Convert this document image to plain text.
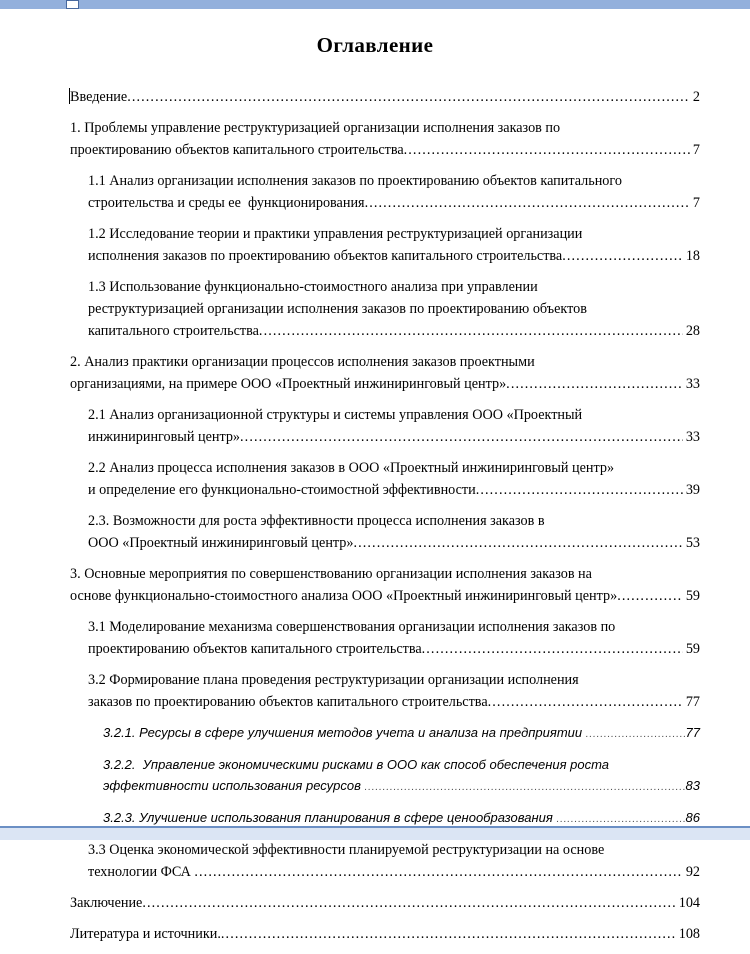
Оглавление
Введение .....	2
1. Проблемы управление реструктуризацией организации исполнения заказов по
проектированию объектов капитального строительства .....	7
1.1 Анализ организации исполнения заказов по проектированию объектов капитального
строительства и среды ее  функционирования .....	7
1.2 Исследование теории и практики управления реструктуризацией организации
исполнения заказов по проектированию объектов капитального строительства .....	18
1.3 Использование функционально-стоимостного анализа при управлении
реструктуризацией организации исполнения заказов по проектированию объектов
капитального строительства .....	28
2. Анализ практики организации процессов исполнения заказов проектными
организациями, на примере ООО «Проектный инжиниринговый центр» .....	33
2.1 Анализ организационной структуры и системы управления ООО «Проектный
инжиниринговый центр» .....	33
2.2 Анализ процесса исполнения заказов в ООО «Проектный инжиниринговый центр»
и определение его функционально-стоимостной эффективности .....	39
2.3. Возможности для роста эффективности процесса исполнения заказов в
ООО «Проектный инжиниринговый центр» .....	53
3. Основные мероприятия по совершенствованию организации исполнения заказов на
основе функционально-стоимостного анализа ООО «Проектный инжиниринговый центр» .....	59
3.1 Моделирование механизма совершенствования организации исполнения заказов по
проектированию объектов капитального строительства .....	59
3.2 Формирование плана проведения реструктуризации организации исполнения
заказов по проектированию объектов капитального строительства .....	77
3.2.1. Ресурсы в сфере улучшения методов учета и анализа на предприятии .....	77
3.2.2.  Управление экономическими рисками в ООО как способ обеспечения роста
эффективности использования ресурсов .....	83
3.2.3. Улучшение использования планирования в сфере ценообразования .....	86
3.3 Оценка экономической эффективности планируемой реструктуризации на основе
технологии ФСА .....	92
Заключение .....	104
Литература и источники. .....	108
